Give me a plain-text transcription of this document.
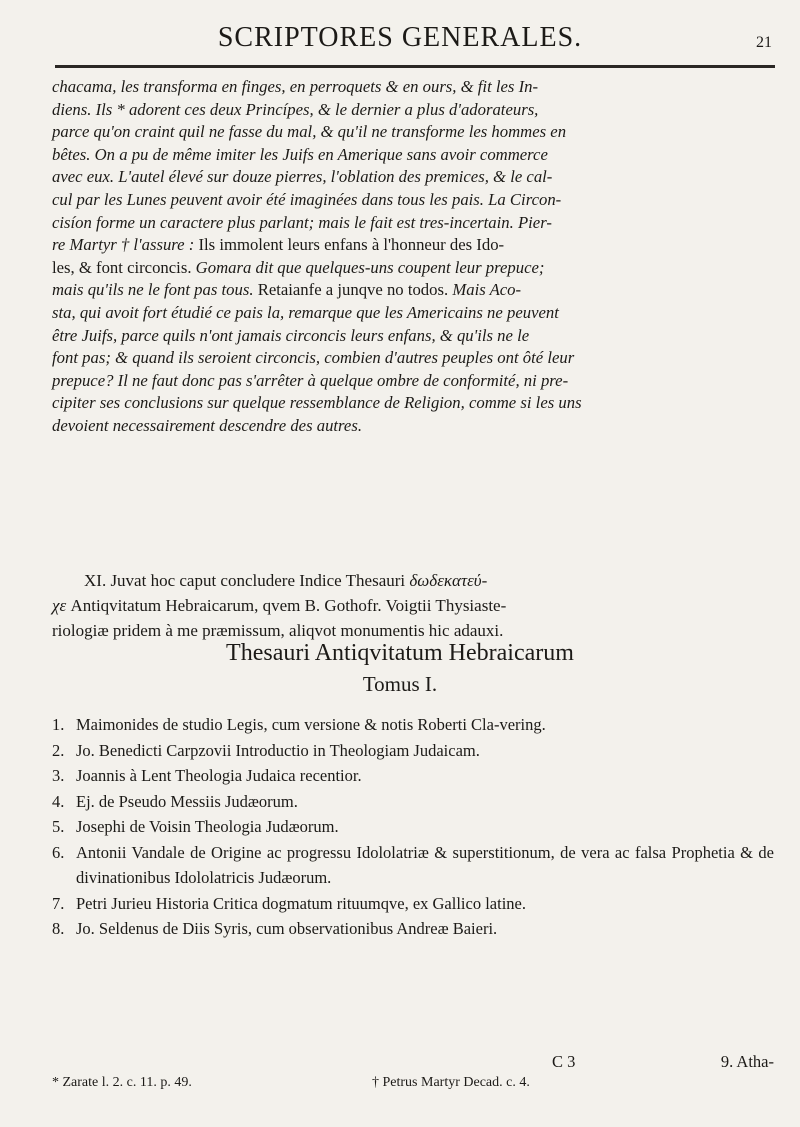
SCRIPTORES GENERALES.	21

chacama, les transforma en finges, en perroquets & en ours, & fit les In-

diens. Ils * adorent ces deux Princípes, & le dernier a plus d'adorateurs,

parce qu'on craint quil ne fasse du mal, & qu'il ne transforme les hommes en

bêtes. On a pu de même imiter les Juifs en Amerique sans avoir commerce

avec eux. L'autel élevé sur douze pierres, l'oblation des premices, & le cal-

cul par les Lunes peuvent avoir été imaginées dans tous les pais. La Circon-

cisíon forme un caractere plus parlant; mais le fait est tres-incertain. Pier-

re Martyr † l'assure : Ils immolent leurs enfans à l'honneur des Ido-

les, & font circoncis. Gomara dit que quelques-uns coupent leur prepuce;

mais qu'ils ne le font pas tous. Retaianfe a junqve no todos. Mais Aco-

sta, qui avoit fort étudié ce pais la, remarque que les Americains ne peuvent

être Juifs, parce quils n'ont jamais circoncis leurs enfans, & qu'ils ne le

font pas; & quand ils seroient circoncis, combien d'autres peuples ont ôté leur

prepuce? Il ne faut donc pas s'arrêter à quelque ombre de conformité, ni pre-

cipiter ses conclusions sur quelque ressemblance de Religion, comme si les uns

devoient necessairement descendre des autres.

XI. Juvat hoc caput concludere Indice Thesauri δωδεκατεύ-
χε Antiqvitatum Hebraicarum, qvem B. Gothofr. Voigtii Thysiaste-
riologiæ pridem à me præmissum, aliqvot monumentis hic adauxi.
Thesauri Antiqvitatum Hebraicarum
Tomus I.
1. Maimonides de studio Legis, cum versione & notis Roberti Cla-vering.
2. Jo. Benedicti Carpzovii Introductio in Theologiam Judaicam.
3. Joannis à Lent Theologia Judaica recentior.
4. Ej. de Pseudo Messiis Judæorum.
5. Josephi de Voisin Theologia Judæorum.
6. Antonii Vandale de Origine ac progressu Idololatriæ & superstitionum, de vera ac falsa Prophetia & de divinationibus Idololatricis Judæorum.
7. Petri Jurieu Historia Critica dogmatum rituumqve, ex Gallico latine.
8. Jo. Seldenus de Diis Syris, cum observationibus Andreæ Baieri.
C 3	9. Atha-
* Zarate l. 2. c. 11. p. 49.	† Petrus Martyr Decad. c. 4.
